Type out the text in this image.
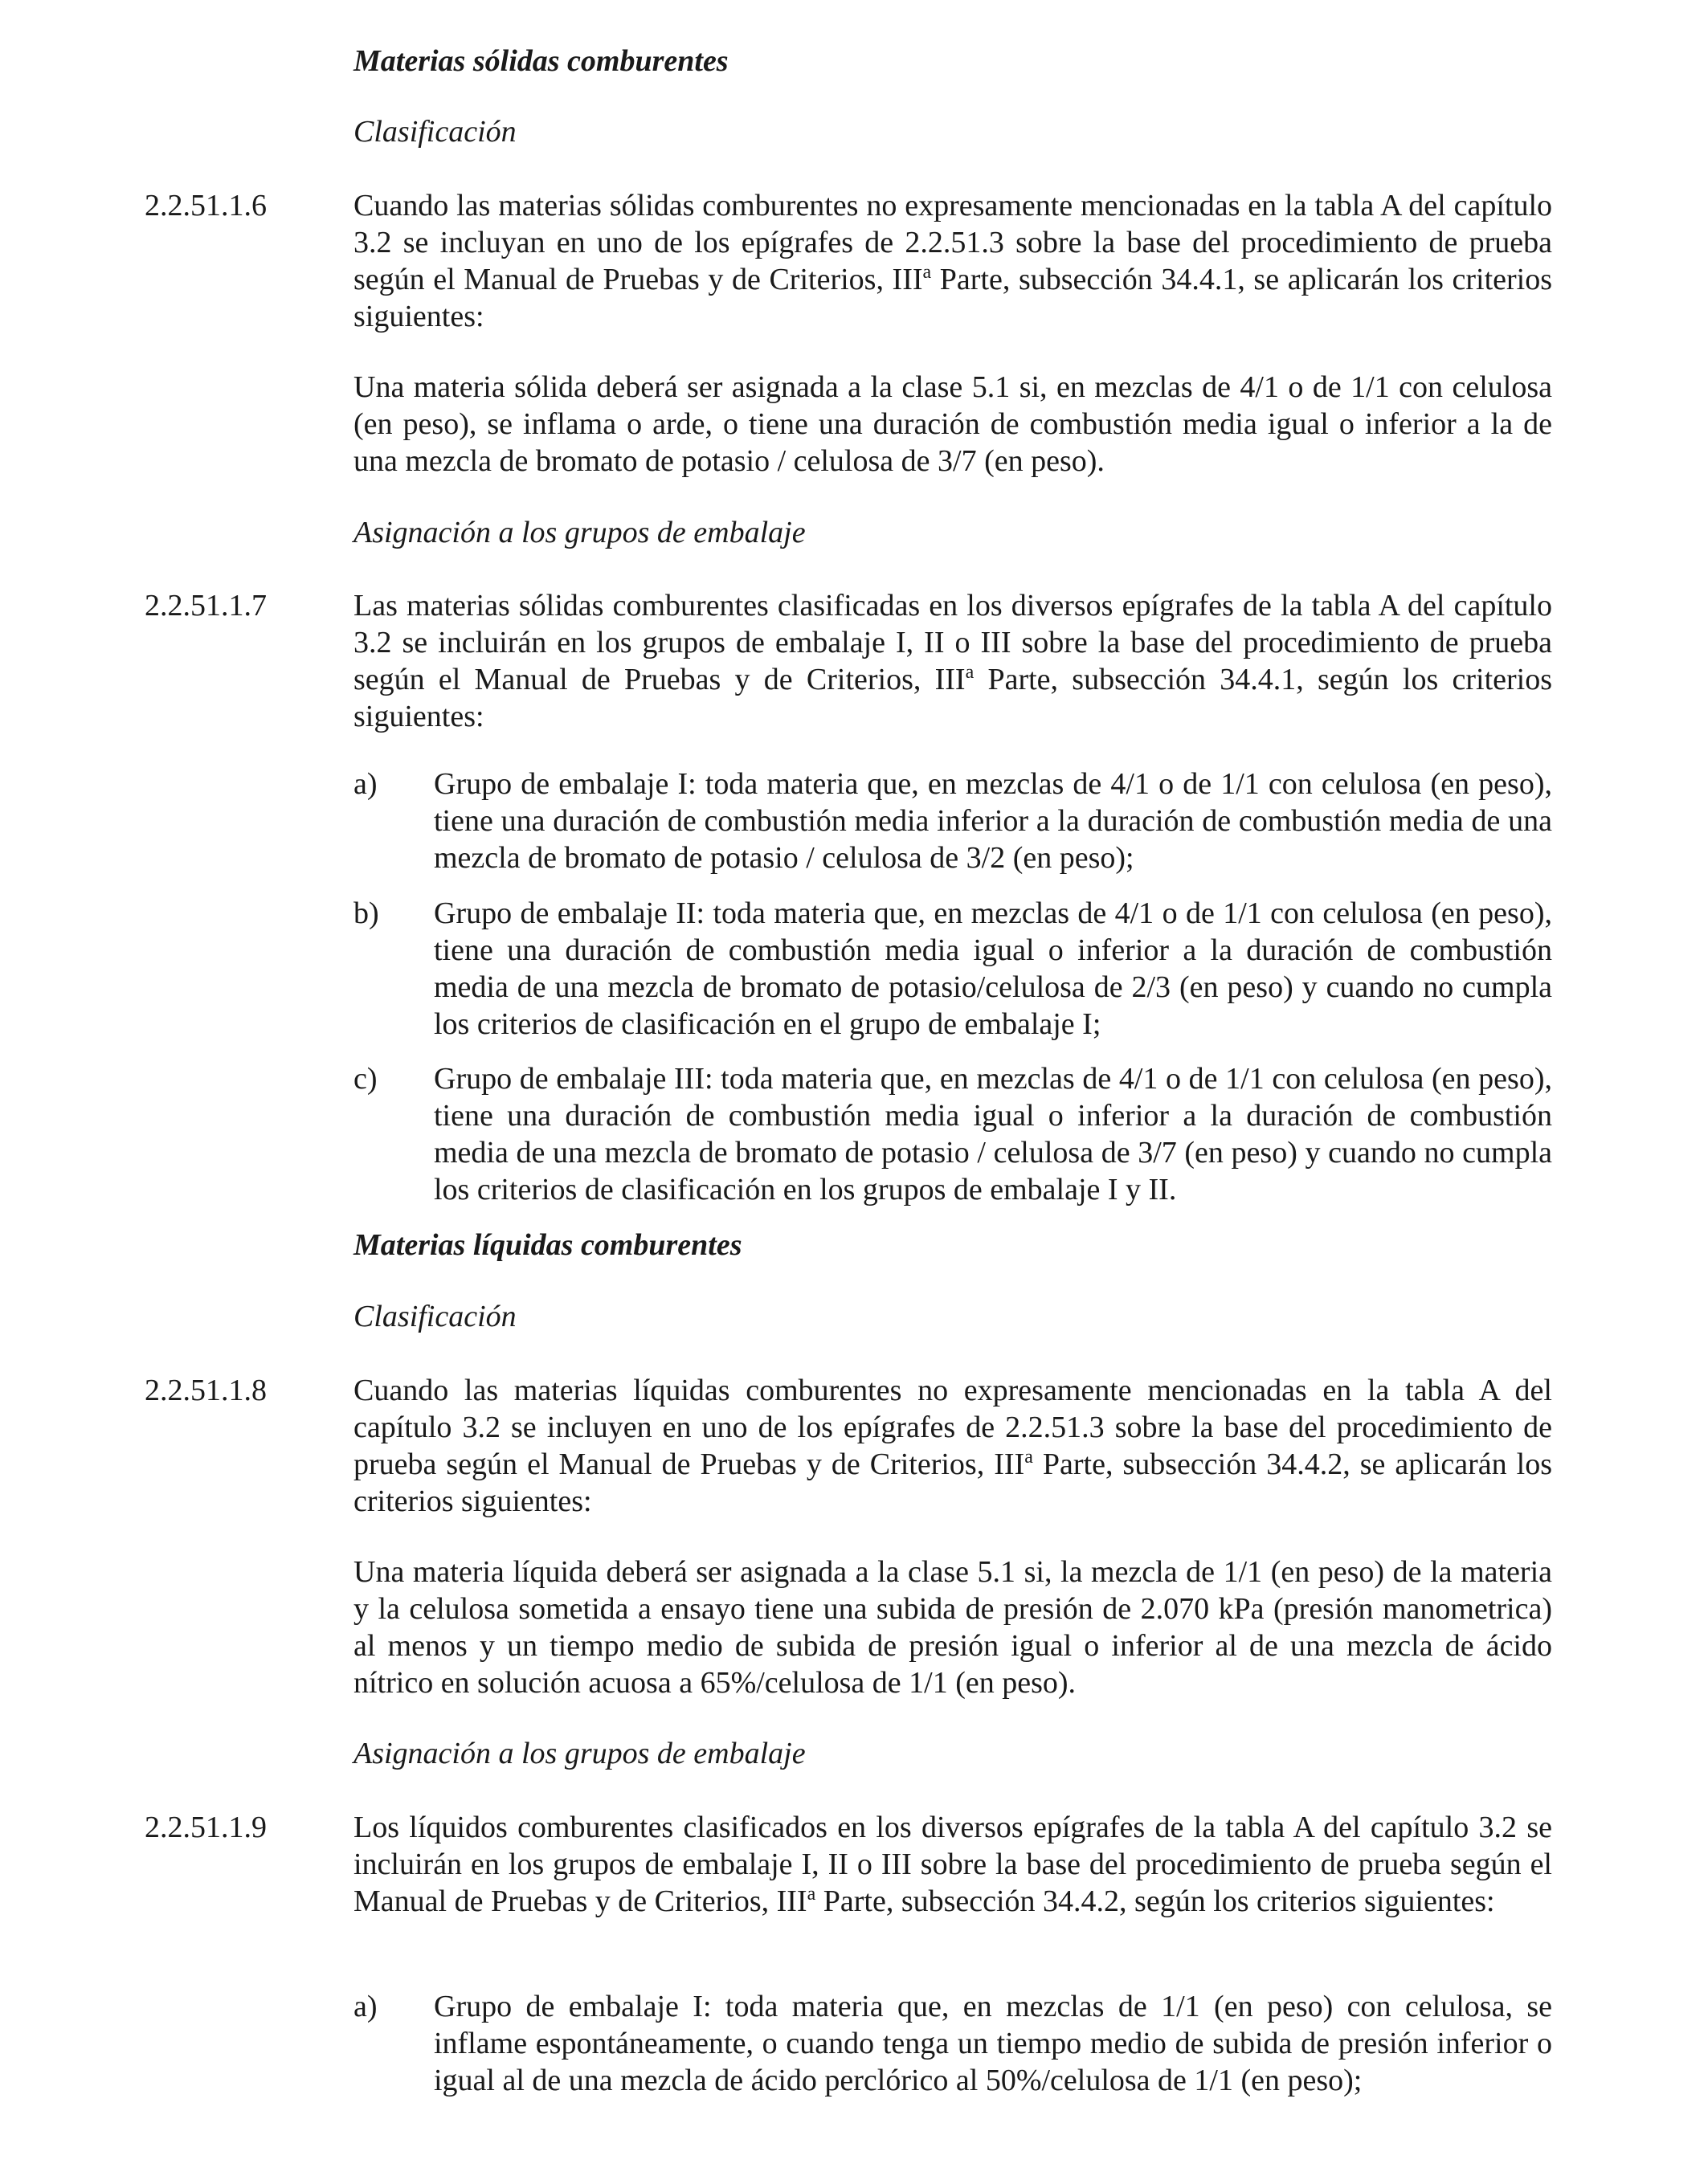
Materias sólidas comburentes
Clasificación
2.2.51.1.6	Cuando las materias sólidas comburentes no expresamente mencionadas en la tabla A del capítulo 3.2 se incluyan en uno de los epígrafes de 2.2.51.3 sobre la base del procedimiento de prueba según el Manual de Pruebas y de Criterios, III$^a$ Parte, subsección 34.4.1, se aplicarán los criterios siguientes:
Una materia sólida deberá ser asignada a la clase 5.1 si, en mezclas de 4/1 o de 1/1 con celulosa (en peso), se inflama o arde, o tiene una duración de combustión media igual o inferior a la de una mezcla de bromato de potasio / celulosa de 3/7 (en peso).
Asignación a los grupos de embalaje
2.2.51.1.7	Las materias sólidas comburentes clasificadas en los diversos epígrafes de la tabla A del capítulo 3.2 se incluirán en los grupos de embalaje I, II o III sobre la base del procedimiento de prueba según el Manual de Pruebas y de Criterios, III$^a$ Parte, subsección 34.4.1, según los criterios siguientes:
a) Grupo de embalaje I: toda materia que, en mezclas de 4/1 o de 1/1 con celulosa (en peso), tiene una duración de combustión media inferior a la duración de combustión media de una mezcla de bromato de potasio / celulosa de 3/2 (en peso);
b) Grupo de embalaje II: toda materia que, en mezclas de 4/1 o de 1/1 con celulosa (en peso), tiene una duración de combustión media igual o inferior a la duración de combustión media de una mezcla de bromato de potasio/celulosa de 2/3 (en peso) y cuando no cumpla los criterios de clasificación en el grupo de embalaje I;
c) Grupo de embalaje III: toda materia que, en mezclas de 4/1 o de 1/1 con celulosa (en peso), tiene una duración de combustión media igual o inferior a la duración de combustión media de una mezcla de bromato de potasio / celulosa de 3/7 (en peso) y cuando no cumpla los criterios de clasificación en los grupos de embalaje I y II.
Materias líquidas comburentes
Clasificación
2.2.51.1.8	Cuando las materias líquidas comburentes no expresamente mencionadas en la tabla A del capítulo 3.2 se incluyen en uno de los epígrafes de 2.2.51.3 sobre la base del procedimiento de prueba según el Manual de Pruebas y de Criterios, III$^a$ Parte, subsección 34.4.2, se aplicarán los criterios siguientes:
Una materia líquida deberá ser asignada a la clase 5.1 si, la mezcla de 1/1 (en peso) de la materia y la celulosa sometida a ensayo tiene una subida de presión de 2.070 kPa (presión manometrica) al menos y un tiempo medio de subida de presión igual o inferior al de una mezcla de ácido nítrico en solución acuosa a 65%/celulosa de 1/1 (en peso).
Asignación a los grupos de embalaje
2.2.51.1.9	Los líquidos comburentes clasificados en los diversos epígrafes de la tabla A del capítulo 3.2 se incluirán en los grupos de embalaje I, II o III sobre la base del procedimiento de prueba según el Manual de Pruebas y de Criterios, III$^a$ Parte, subsección 34.4.2, según los criterios siguientes:
a) Grupo de embalaje I: toda materia que, en mezclas de 1/1 (en peso) con celulosa, se inflame espontáneamente, o cuando tenga un tiempo medio de subida de presión inferior o igual al de una mezcla de ácido perclórico al 50%/celulosa de 1/1 (en peso);
